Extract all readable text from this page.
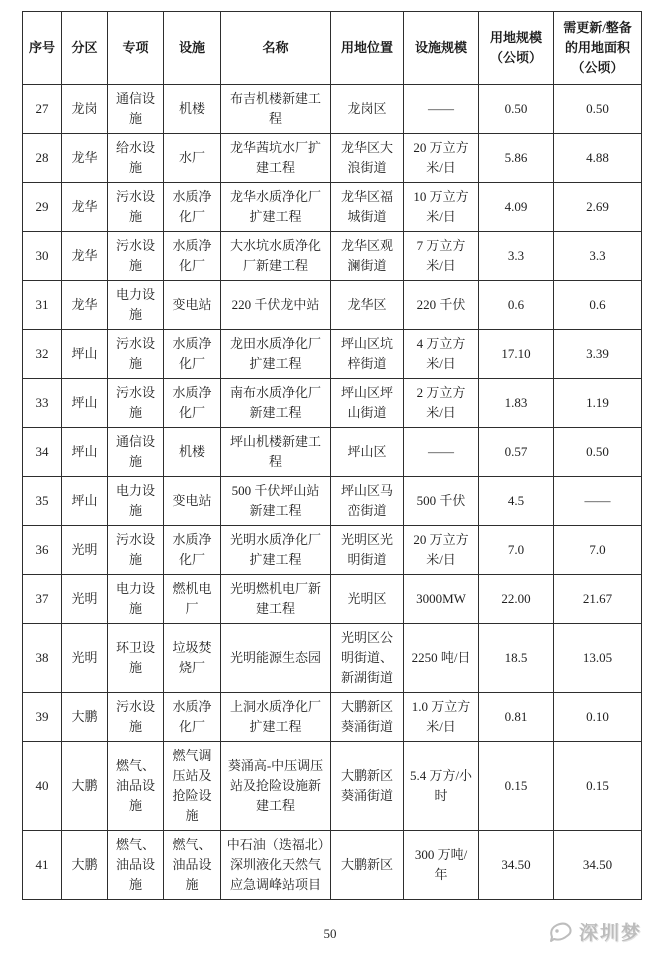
序号	分区	专项	设施	名称	用地位置	设施规模	用地规模（公顷）	需更新/整备的用地面积（公顷）
27	龙岗	通信设施	机楼	布吉机楼新建工程	龙岗区	——	0.50	0.50
28	龙华	给水设施	水厂	龙华茜坑水厂扩建工程	龙华区大浪街道	20 万立方米/日	5.86	4.88
29	龙华	污水设施	水质净化厂	龙华水质净化厂扩建工程	龙华区福城街道	10 万立方米/日	4.09	2.69
30	龙华	污水设施	水质净化厂	大水坑水质净化厂新建工程	龙华区观澜街道	7 万立方米/日	3.3	3.3
31	龙华	电力设施	变电站	220 千伏龙中站	龙华区	220 千伏	0.6	0.6
32	坪山	污水设施	水质净化厂	龙田水质净化厂扩建工程	坪山区坑梓街道	4 万立方米/日	17.10	3.39
33	坪山	污水设施	水质净化厂	南布水质净化厂新建工程	坪山区坪山街道	2 万立方米/日	1.83	1.19
34	坪山	通信设施	机楼	坪山机楼新建工程	坪山区	——	0.57	0.50
35	坪山	电力设施	变电站	500 千伏坪山站新建工程	坪山区马峦街道	500 千伏	4.5	——
36	光明	污水设施	水质净化厂	光明水质净化厂扩建工程	光明区光明街道	20 万立方米/日	7.0	7.0
37	光明	电力设施	燃机电厂	光明燃机电厂新建工程	光明区	3000MW	22.00	21.67
38	光明	环卫设施	垃圾焚烧厂	光明能源生态园	光明区公明街道、新湖街道	2250 吨/日	18.5	13.05
39	大鹏	污水设施	水质净化厂	上洞水质净化厂扩建工程	大鹏新区葵涌街道	1.0 万立方米/日	0.81	0.10
40	大鹏	燃气、油品设施	燃气调压站及抢险设施	葵涌高-中压调压站及抢险设施新建工程	大鹏新区葵涌街道	5.4 万方/小时	0.15	0.15
41	大鹏	燃气、油品设施	燃气、油品设施	中石油（迭福北）深圳液化天然气应急调峰站项目	大鹏新区	300 万吨/年	34.50	34.50
50	深圳梦
